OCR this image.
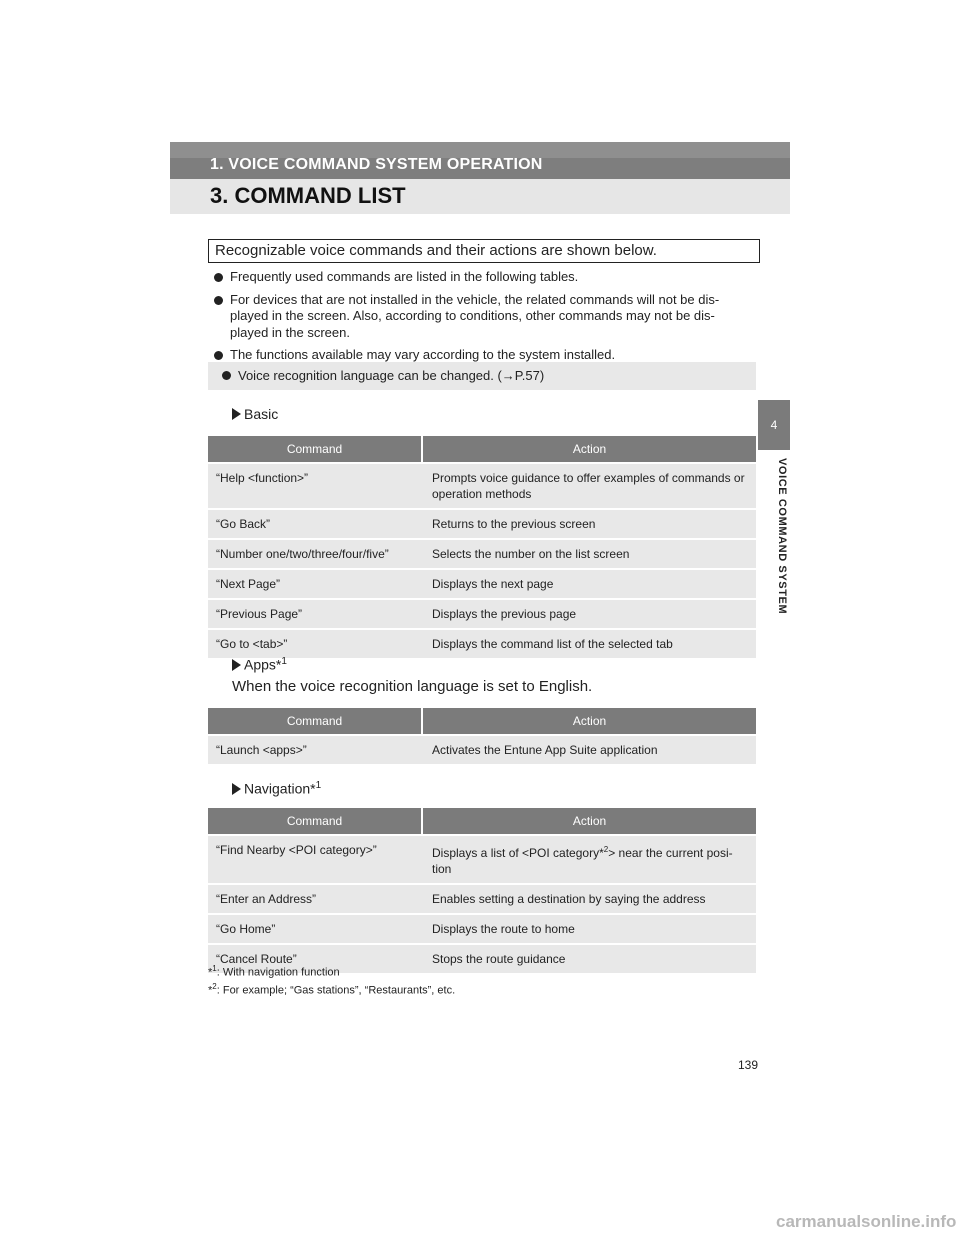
1. VOICE COMMAND SYSTEM OPERATION
3. COMMAND LIST
4
VOICE COMMAND SYSTEM
Recognizable voice commands and their actions are shown below.
Frequently used commands are listed in the following tables.
For devices that are not installed in the vehicle, the related commands will not be dis-played in the screen. Also, according to conditions, other commands may not be dis-played in the screen.
The functions available may vary according to the system installed.
Voice recognition language can be changed. (→P.57)
Basic
Command	Action
“Help <function>”	Prompts voice guidance to offer examples of commands or operation methods
“Go Back”	Returns to the previous screen
“Number one/two/three/four/five”	Selects the number on the list screen
“Next Page”	Displays the next page
“Previous Page”	Displays the previous page
“Go to <tab>”	Displays the command list of the selected tab
Apps*$^1$
When the voice recognition language is set to English.
Command	Action
“Launch <apps>”	Activates the Entune App Suite application
Navigation*$^1$
Command	Action
“Find Nearby <POI category>”	Displays a list of <POI category*$^2$> near the current posi-tion
“Enter an Address”	Enables setting a destination by saying the address
“Go Home”	Displays the route to home
“Cancel Route”	Stops the route guidance
*$^1$: With navigation function
*$^2$: For example; “Gas stations”, “Restaurants”, etc.
139
carmanualsonline.info
